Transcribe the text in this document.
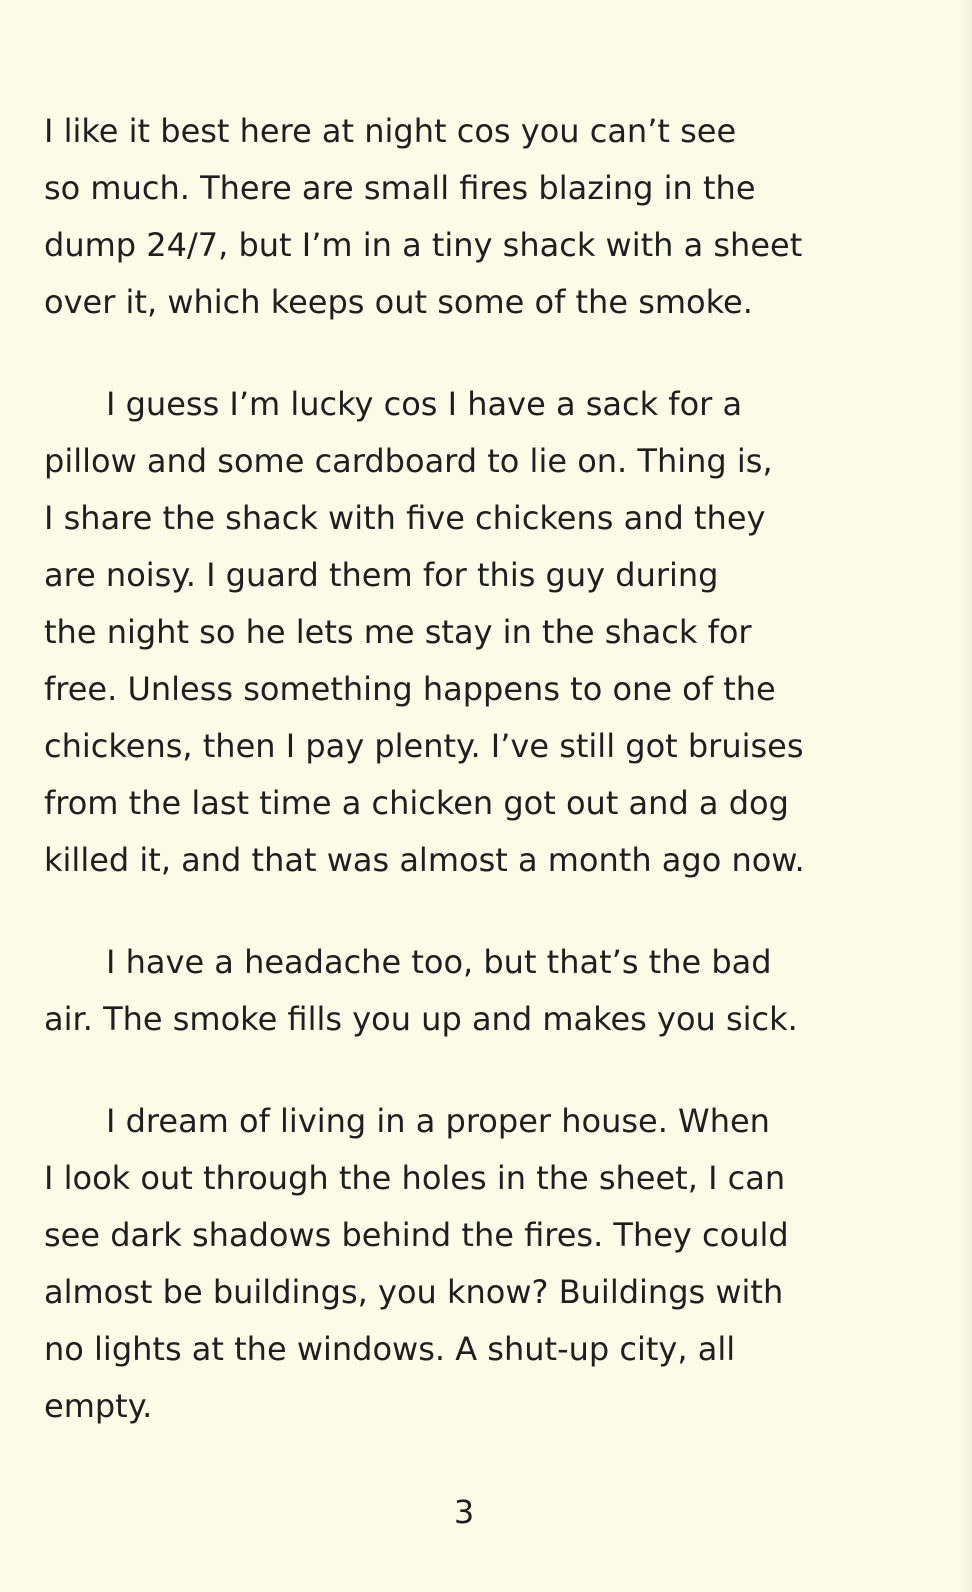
I like it best here at night cos you can’t see
so much. There are small fires blazing in the
dump 24/7, but I’m in a tiny shack with a sheet
over it, which keeps out some of the smoke.
I guess I’m lucky cos I have a sack for a
pillow and some cardboard to lie on. Thing is,
I share the shack with five chickens and they
are noisy. I guard them for this guy during
the night so he lets me stay in the shack for
free. Unless something happens to one of the
chickens, then I pay plenty. I’ve still got bruises
from the last time a chicken got out and a dog
killed it, and that was almost a month ago now.
I have a headache too, but that’s the bad
air. The smoke fills you up and makes you sick.
I dream of living in a proper house. When
I look out through the holes in the sheet, I can
see dark shadows behind the fires. They could
almost be buildings, you know? Buildings with
no lights at the windows. A shut-up city, all
empty.
3
